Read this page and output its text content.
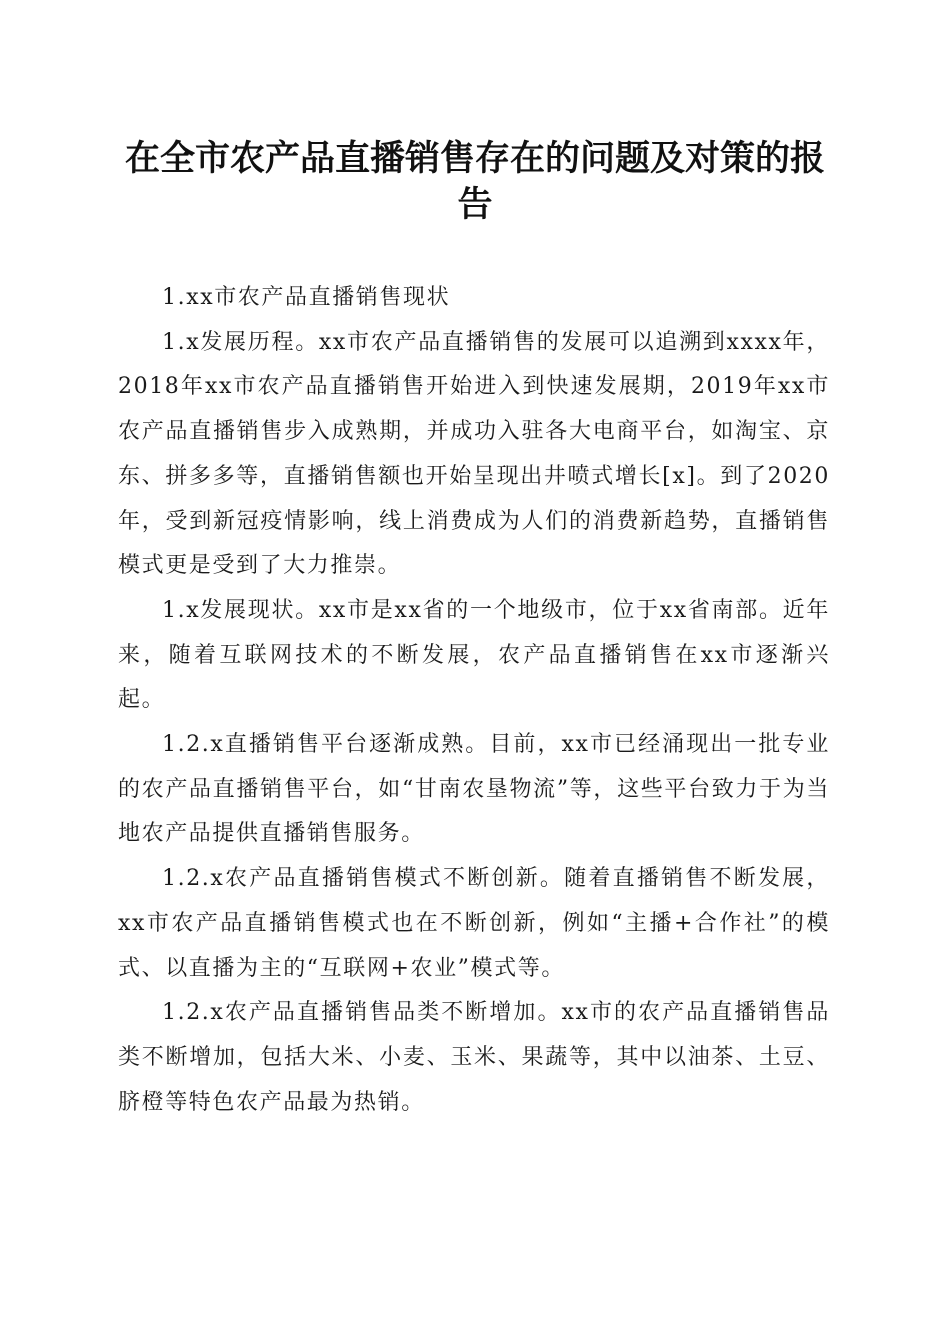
在全市农产品直播销售存在的问题及对策的报告

1.xx市农产品直播销售现状

1.x发展历程。xx市农产品直播销售的发展可以追溯到xxxx年，2018年xx市农产品直播销售开始进入到快速发展期，2019年xx市农产品直播销售步入成熟期，并成功入驻各大电商平台，如淘宝、京东、拼多多等，直播销售额也开始呈现出井喷式增长[x]。到了2020年，受到新冠疫情影响，线上消费成为人们的消费新趋势，直播销售模式更是受到了大力推崇。

1.x发展现状。xx市是xx省的一个地级市，位于xx省南部。近年来，随着互联网技术的不断发展，农产品直播销售在xx市逐渐兴起。

1.2.x直播销售平台逐渐成熟。目前，xx市已经涌现出一批专业的农产品直播销售平台，如“甘南农垦物流”等，这些平台致力于为当地农产品提供直播销售服务。

1.2.x农产品直播销售模式不断创新。随着直播销售不断发展，xx市农产品直播销售模式也在不断创新，例如“主播+合作社”的模式、以直播为主的“互联网+农业”模式等。

1.2.x农产品直播销售品类不断增加。xx市的农产品直播销售品类不断增加，包括大米、小麦、玉米、果蔬等，其中以油茶、土豆、脐橙等特色农产品最为热销。
